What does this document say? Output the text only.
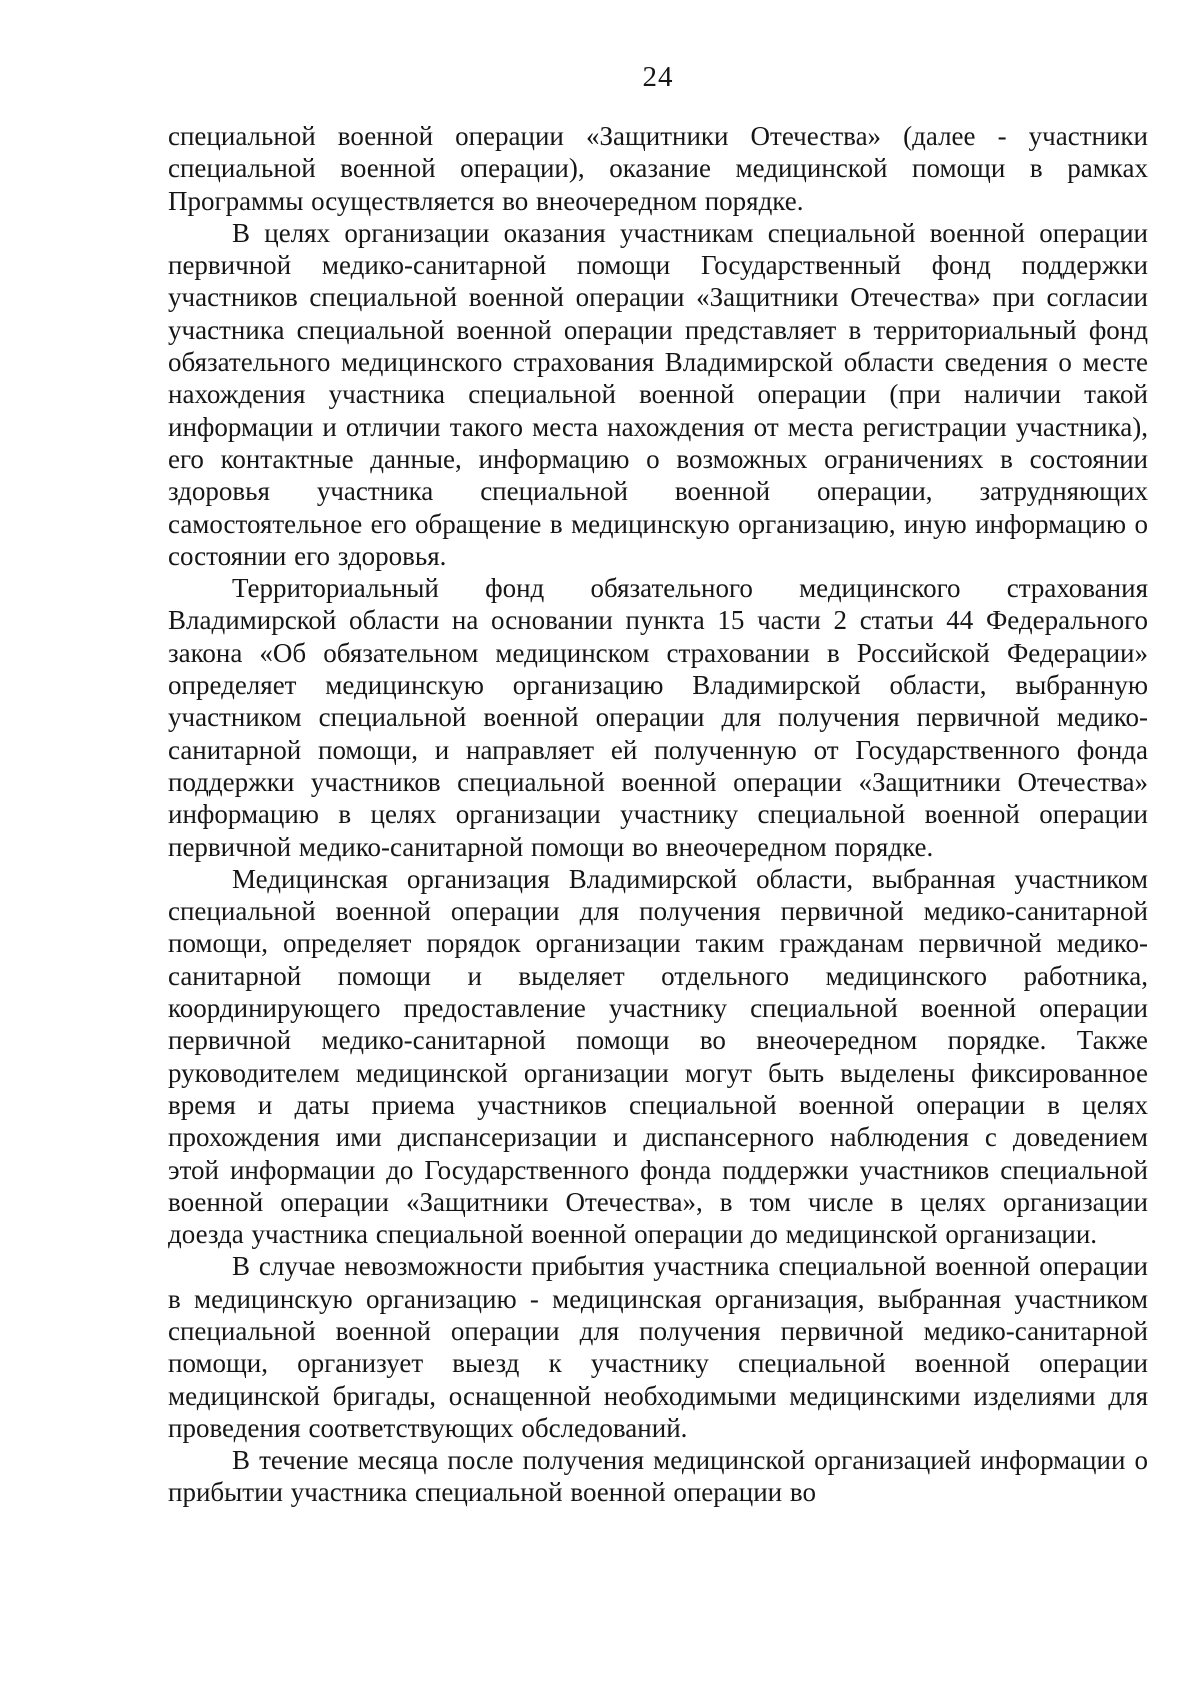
24

специальной военной операции «Защитники Отечества» (далее - участники специальной военной операции), оказание медицинской помощи в рамках Программы осуществляется во внеочередном порядке.

В целях организации оказания участникам специальной военной операции первичной медико-санитарной помощи Государственный фонд поддержки участников специальной военной операции «Защитники Отечества» при согласии участника специальной военной операции представляет в территориальный фонд обязательного медицинского страхования Владимирской области сведения о месте нахождения участника специальной военной операции (при наличии такой информации и отличии такого места нахождения от места регистрации участника), его контактные данные, информацию о возможных ограничениях в состоянии здоровья участника специальной военной операции, затрудняющих самостоятельное его обращение в медицинскую организацию, иную информацию о состоянии его здоровья.

Территориальный фонд обязательного медицинского страхования Владимирской области на основании пункта 15 части 2 статьи 44 Федерального закона «Об обязательном медицинском страховании в Российской Федерации» определяет медицинскую организацию Владимирской области, выбранную участником специальной военной операции для получения первичной медико-санитарной помощи, и направляет ей полученную от Государственного фонда поддержки участников специальной военной операции «Защитники Отечества» информацию в целях организации участнику специальной военной операции первичной медико-санитарной помощи во внеочередном порядке.

Медицинская организация Владимирской области, выбранная участником специальной военной операции для получения первичной медико-санитарной помощи, определяет порядок организации таким гражданам первичной медико-санитарной помощи и выделяет отдельного медицинского работника, координирующего предоставление участнику специальной военной операции первичной медико-санитарной помощи во внеочередном порядке. Также руководителем медицинской организации могут быть выделены фиксированное время и даты приема участников специальной военной операции в целях прохождения ими диспансеризации и диспансерного наблюдения с доведением этой информации до Государственного фонда поддержки участников специальной военной операции «Защитники Отечества», в том числе в целях организации доезда участника специальной военной операции до медицинской организации.

В случае невозможности прибытия участника специальной военной операции в медицинскую организацию - медицинская организация, выбранная участником специальной военной операции для получения первичной медико-санитарной помощи, организует выезд к участнику специальной военной операции медицинской бригады, оснащенной необходимыми медицинскими изделиями для проведения соответствующих обследований.

В течение месяца после получения медицинской организацией информации о прибытии участника специальной военной операции во
